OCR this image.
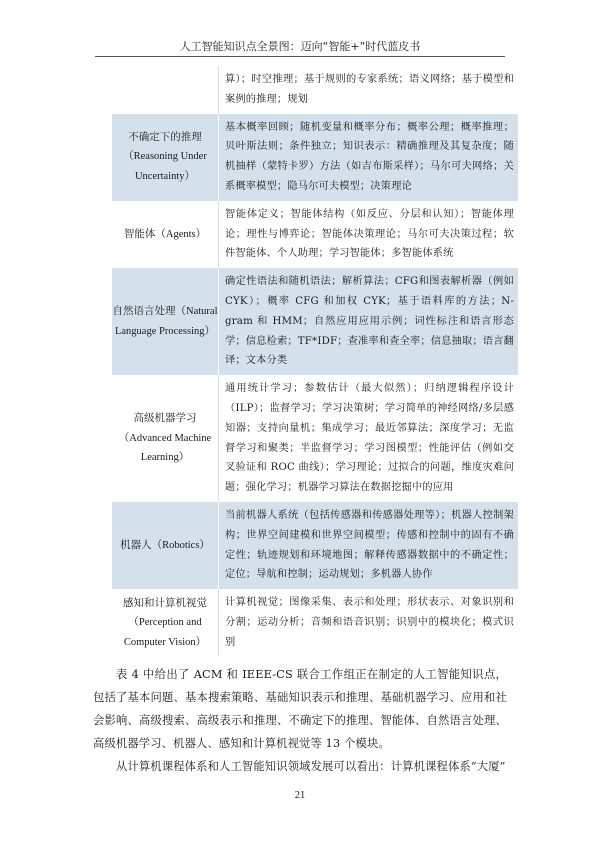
人工智能知识点全景图：迈向“智能+”时代蓝皮书
	算）；时空推理；基于规则的专家系统；语义网络；基于模型和案例的推理；规划
不确定下的推理（Reasoning Under Uncertainty）	基本概率回顾；随机变量和概率分布；概率公理；概率推理；贝叶斯法则；条件独立；知识表示：精确推理及其复杂度；随机抽样（蒙特卡罗）方法（如吉布斯采样）；马尔可夫网络；关系概率模型；隐马尔可夫模型；决策理论
智能体（Agents）	智能体定义；智能体结构（如反应、分层和认知）；智能体理论；理性与博弈论；智能体决策理论；马尔可夫决策过程；软件智能体、个人助理；学习智能体；多智能体系统
自然语言处理（Natural Language Processing）	确定性语法和随机语法；解析算法；CFG和图表解析器（例如 CYK）；概率 CFG 和加权 CYK；基于语料库的方法；N-gram 和 HMM；自然应用应用示例；词性标注和语言形态学；信息检索；TF*IDF；查准率和查全率；信息抽取；语言翻译；文本分类
高级机器学习（Advanced Machine Learning）	通用统计学习；参数估计（最大似然）；归纳逻辑程序设计（ILP）；监督学习；学习决策树；学习简单的神经网络/多层感知器；支持向量机；集成学习；最近邻算法；深度学习；无监督学习和聚类；半监督学习；学习图模型；性能评估（例如交叉验证和 ROC 曲线）；学习理论；过拟合的问题，维度灾难问题；强化学习；机器学习算法在数据挖掘中的应用
机器人（Robotics）	当前机器人系统（包括传感器和传感器处理等）；机器人控制架构；世界空间建模和世界空间模型；传感和控制中的固有不确定性；轨迹规划和环境地图；解释传感器数据中的不确定性；定位；导航和控制；运动规划；多机器人协作
感知和计算机视觉（Perception and Computer Vision）	计算机视觉；图像采集、表示和处理；形状表示、对象识别和分割；运动分析；音频和语音识别；识别中的模块化；模式识别
表 4 中给出了 ACM 和 IEEE-CS 联合工作组正在制定的人工智能知识点，包括了基本问题、基本搜索策略、基础知识表示和推理、基础机器学习、应用和社会影响、高级搜索、高级表示和推理、不确定下的推理、智能体、自然语言处理、高级机器学习、机器人、感知和计算机视觉等 13 个模块。
从计算机课程体系和人工智能知识领域发展可以看出：计算机课程体系“大厦”
21
